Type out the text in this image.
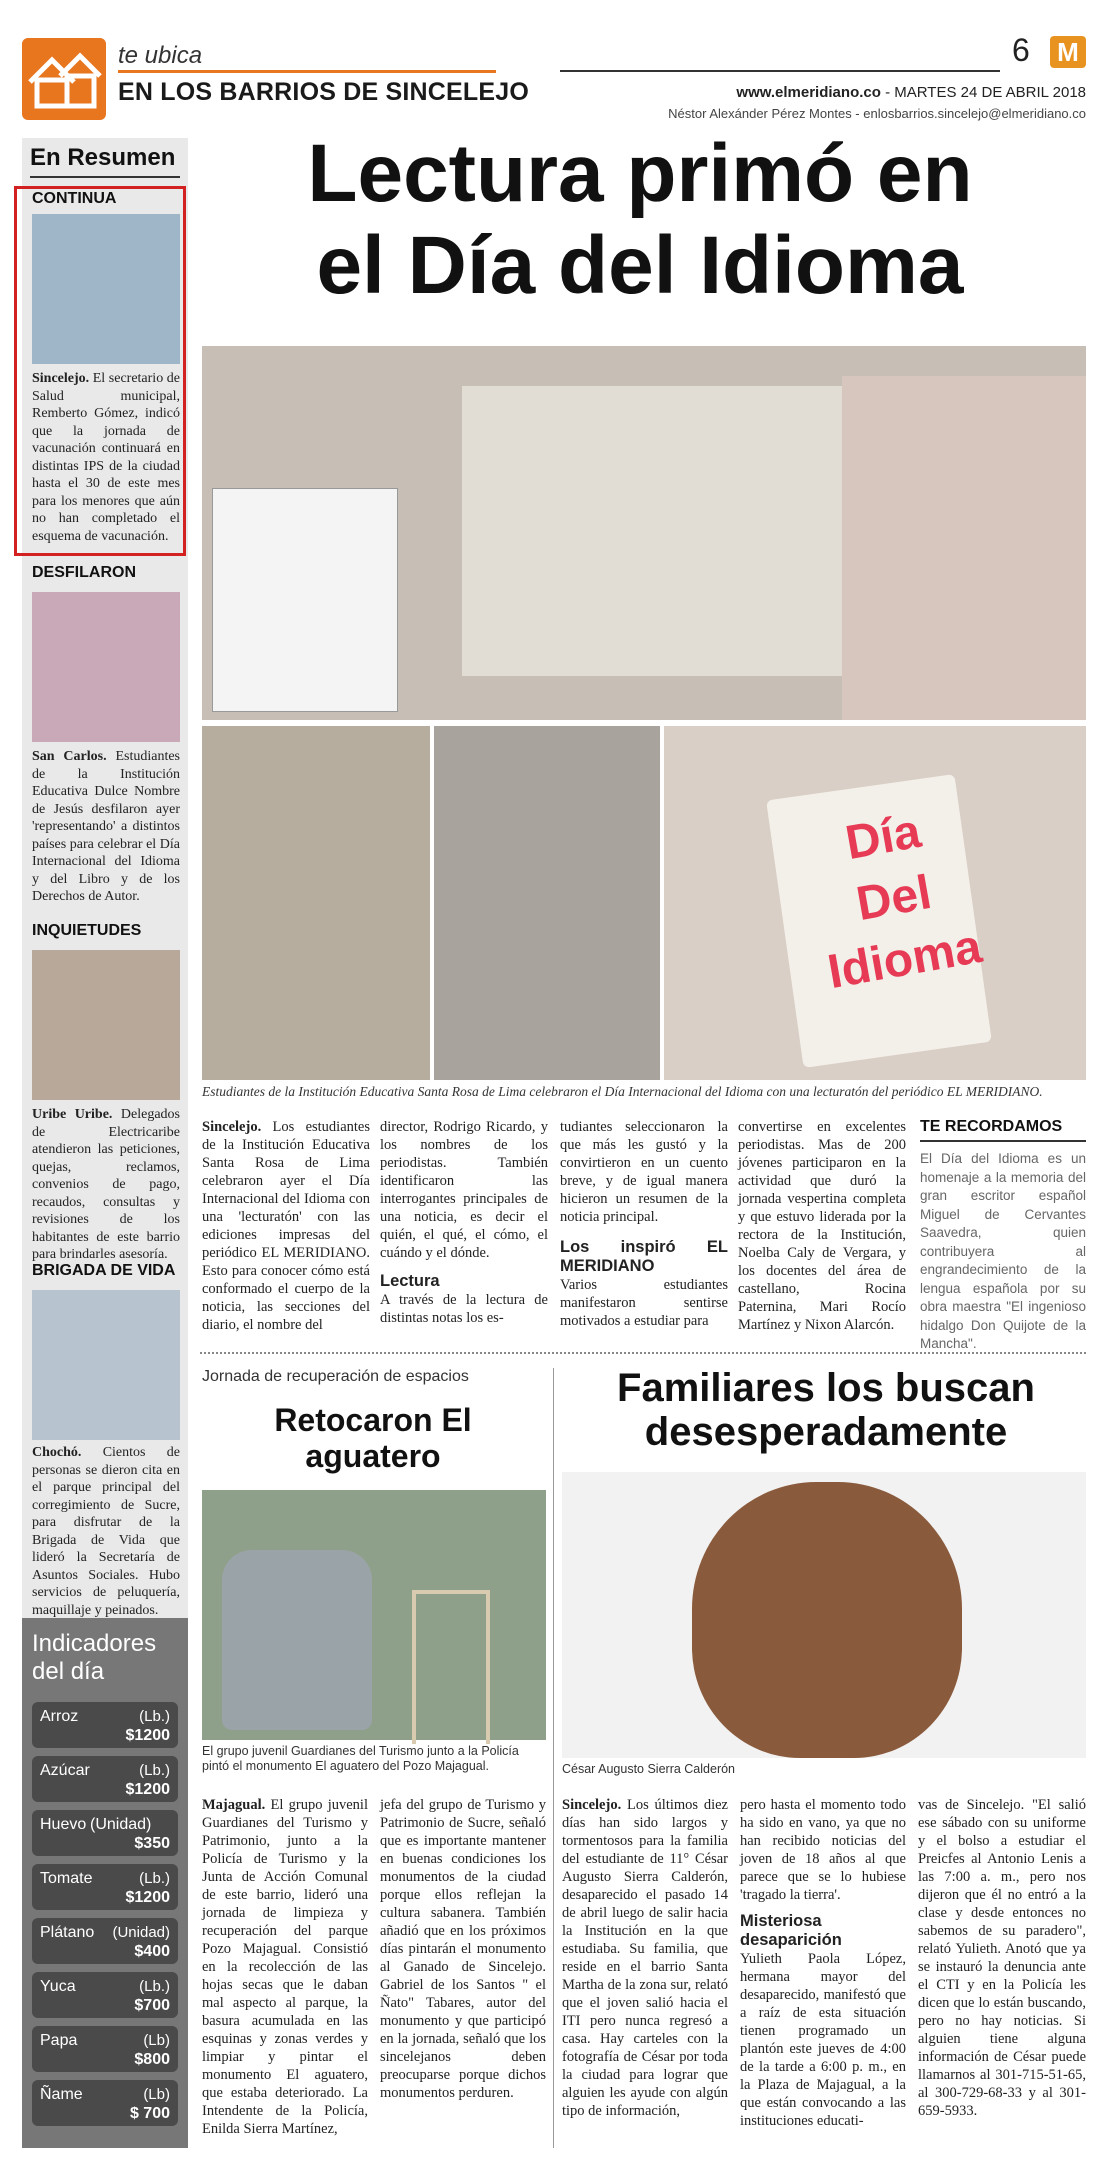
te ubica
EN LOS BARRIOS DE SINCELEJO
6 M
www.elmeridiano.co - MARTES 24 DE ABRIL 2018
Néstor Alexánder Pérez Montes - enlosbarrios.sincelejo@elmeridiano.co
En Resumen
CONTINUA
Sincelejo. El secretario de Salud municipal, Remberto Gómez, indicó que la jornada de vacunación continuará en distintas IPS de la ciudad hasta el 30 de este mes para los menores que aún no han completado el esquema de vacunación.
DESFILARON
San Carlos. Estudiantes de la Institución Educativa Dulce Nombre de Jesús desfilaron ayer 'representando' a distintos países para celebrar el Día Internacional del Idioma y del Libro y de los Derechos de Autor.
INQUIETUDES
Uribe Uribe. Delegados de Electricaribe atendieron las peticiones, quejas, reclamos, convenios de pago, recaudos, consultas y revisiones de los habitantes de este barrio para brindarles asesoría.
BRIGADA DE VIDA
Chochó. Cientos de personas se dieron cita en el parque principal del corregimiento de Sucre, para disfrutar de la Brigada de Vida que lideró la Secretaría de Asuntos Sociales. Hubo servicios de peluquería, maquillaje y peinados.
Indicadores
del día
Arroz	(Lb.)
$1200
Azúcar	(Lb.)
$1200
Huevo (Unidad)
$350
Tomate	(Lb.)
$1200
Plátano (Unidad)
$400
Yuca	(Lb.)
$700
Papa	(Lb)
$800
Ñame	(Lb)
$ 700
Lectura primó en
el Día del Idioma
Día
Del
Idioma
Estudiantes de la Institución Educativa Santa Rosa de Lima celebraron el Día Internacional del Idioma con una lecturatón del periódico EL MERIDIANO.
Sincelejo. Los estudiantes de la Institución Educativa Santa Rosa de Lima celebraron ayer el Día Internacional del Idioma con una 'lecturatón' con las ediciones impresas del periódico EL MERIDIANO. Esto para conocer cómo está conformado el cuerpo de la noticia, las secciones del diario, el nombre del
director, Rodrigo Ricardo, y los nombres de los periodistas. También identificaron las interrogantes principales de una noticia, es decir el quién, el qué, el cómo, el cuándo y el dónde.
Lectura
A través de la lectura de distintas notas los es-
tudiantes seleccionaron la que más les gustó y la convirtieron en un cuento breve, y de igual manera hicieron un resumen de la noticia principal.
Los inspiró EL MERIDIANO
Varios estudiantes manifestaron sentirse motivados a estudiar para
convertirse en excelentes periodistas. Mas de 200 jóvenes participaron en la actividad que duró la jornada vespertina completa y que estuvo liderada por la rectora de la Institución, Noelba Caly de Vergara, y los docentes del área de castellano, Rocina Paternina, Mari Rocío Martínez y Nixon Alarcón.
TE RECORDAMOS
El Día del Idioma es un homenaje a la memoria del gran escritor español Miguel de Cervantes Saavedra, quien contribuyera al engrandecimiento de la lengua española por su obra maestra "El ingenioso hidalgo Don Quijote de la Mancha".
Jornada de recuperación de espacios
Retocaron El
aguatero
El grupo juvenil Guardianes del Turismo junto a la Policía pintó el monumento El aguatero del Pozo Majagual.
Majagual. El grupo juvenil Guardianes del Turismo y Patrimonio, junto a la Policía de Turismo y la Junta de Acción Comunal de este barrio, lideró una jornada de limpieza y recuperación del parque Pozo Majagual. Consistió en la recolección de las hojas secas que le daban mal aspecto al parque, la basura acumulada en las esquinas y zonas verdes y limpiar y pintar el monumento El aguatero, que estaba deteriorado. La Intendente de la Policía, Enilda Sierra Martínez,
jefa del grupo de Turismo y Patrimonio de Sucre, señaló que es importante mantener en buenas condiciones los monumentos de la ciudad porque ellos reflejan la cultura sabanera. También añadió que en los próximos días pintarán el monumento al Ganado de Sincelejo. Gabriel de los Santos " el Ñato" Tabares, autor del monumento y que participó en la jornada, señaló que los sincelejanos deben preocuparse porque dichos monumentos perduren.
Familiares los buscan
desesperadamente
César Augusto Sierra Calderón
Sincelejo. Los últimos diez días han sido largos y tormentosos para la familia del estudiante de 11° César Augusto Sierra Calderón, desaparecido el pasado 14 de abril luego de salir hacia la Institución en la que estudiaba. Su familia, que reside en el barrio Santa Martha de la zona sur, relató que el joven salió hacia el ITI pero nunca regresó a casa. Hay carteles con la fotografía de César por toda la ciudad para lograr que alguien les ayude con algún tipo de información,
pero hasta el momento todo ha sido en vano, ya que no han recibido noticias del joven de 18 años al que parece que se lo hubiese 'tragado la tierra'.
Misteriosa desaparición
Yulieth Paola López, hermana mayor del desaparecido, manifestó que a raíz de esta situación tienen programado un plantón este jueves de 4:00 de la tarde a 6:00 p. m., en la Plaza de Majagual, a la que están convocando a las instituciones educati-
vas de Sincelejo. "El salió ese sábado con su uniforme y el bolso a estudiar el Preicfes al Antonio Lenis a las 7:00 a. m., pero nos dijeron que él no entró a la clase y desde entonces no sabemos de su paradero", relató Yulieth. Anotó que ya se instauró la denuncia ante el CTI y en la Policía les dicen que lo están buscando, pero no hay noticias. Si alguien tiene alguna información de César puede llamarnos al 301-715-51-65, al 300-729-68-33 y al 301-659-5933.
